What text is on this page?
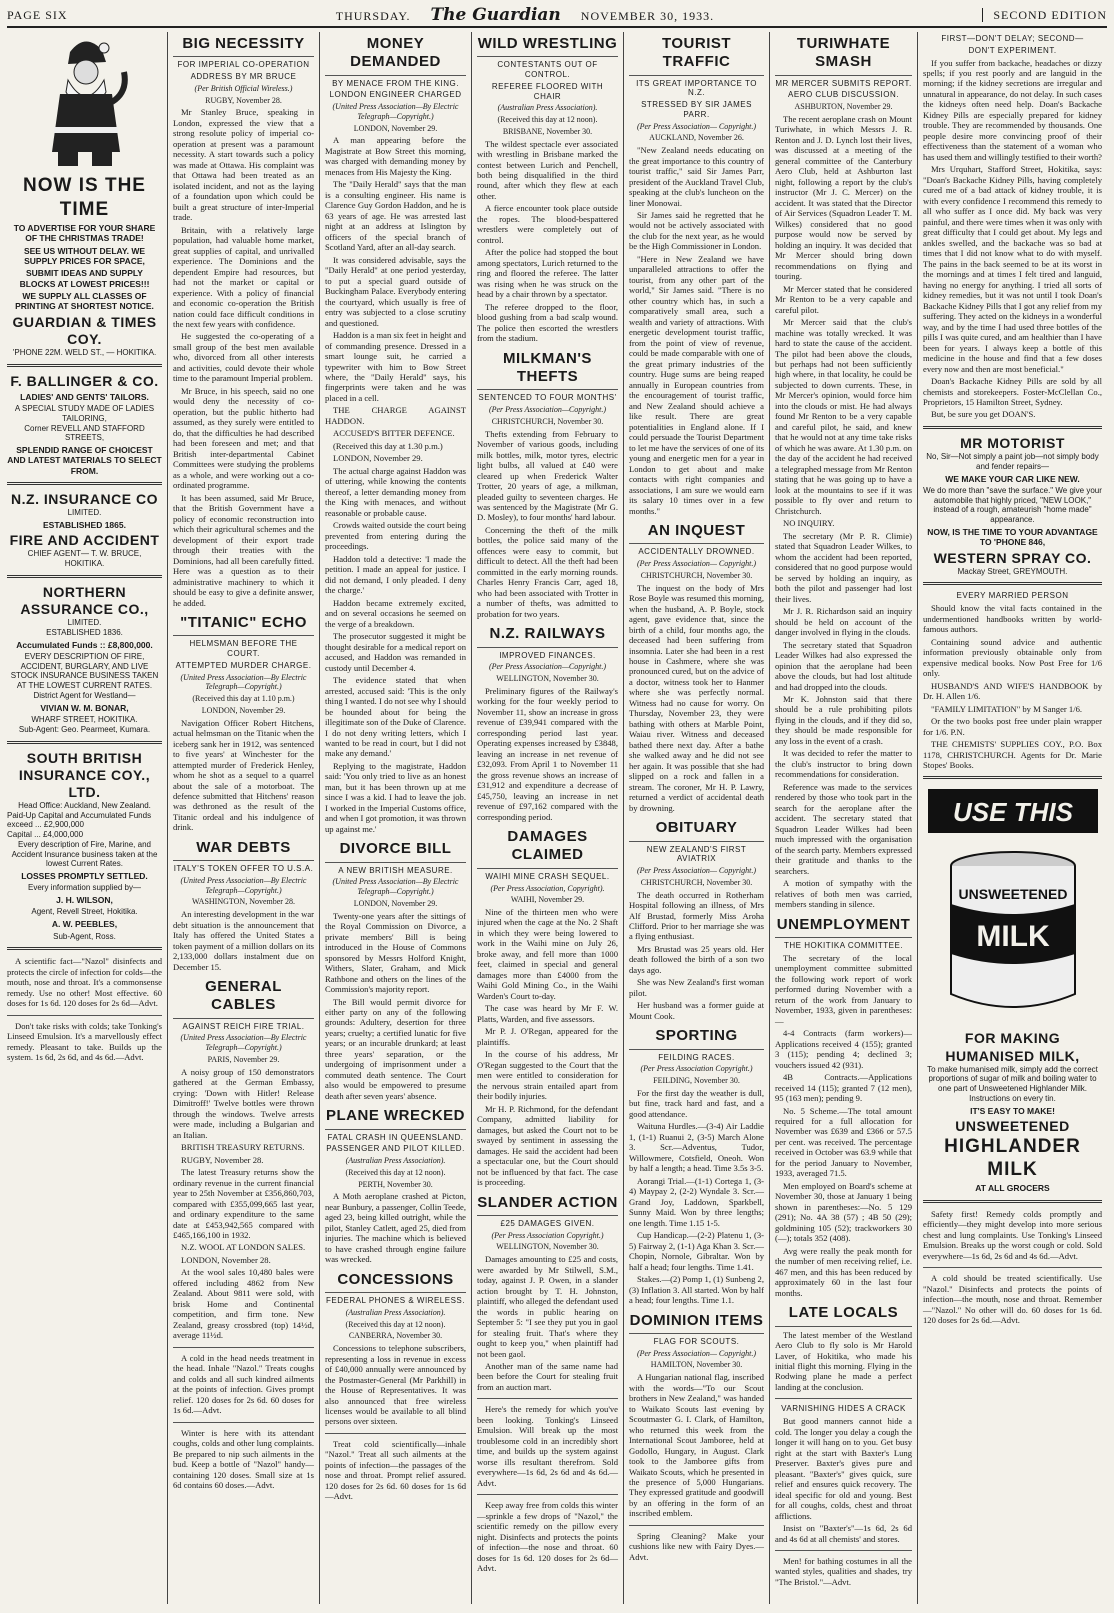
PAGE SIX	THURSDAY. The Guardian NOVEMBER 30, 1933.	SECOND EDITION
NOW IS THE
TIME
TO ADVERTISE FOR YOUR SHARE OF THE CHRISTMAS TRADE!
SEE US WITHOUT DELAY. WE SUPPLY PRICES FOR SPACE,
SUBMIT IDEAS AND SUPPLY BLOCKS AT LOWEST PRICES!!!
WE SUPPLY ALL CLASSES OF PRINTING AT SHORTEST NOTICE.
GUARDIAN & TIMES COY.
'PHONE 22M. WELD ST., — HOKITIKA.
F. BALLINGER & CO.
LADIES' AND GENTS' TAILORS.
A SPECIAL STUDY MADE OF LADIES TAILORING,
Corner REVELL AND STAFFORD STREETS,
SPLENDID RANGE OF CHOICEST AND LATEST MATERIALS TO SELECT FROM.
N.Z. INSURANCE CO
LIMITED.
ESTABLISHED 1865.
FIRE AND ACCIDENT
CHIEF AGENT— T. W. BRUCE, HOKITIKA.
NORTHERN ASSURANCE CO.,
LIMITED.
ESTABLISHED 1836.
Accumulated Funds :: £8,800,000.
EVERY DESCRIPTION OF FIRE, ACCIDENT, BURGLARY, AND LIVE STOCK INSURANCE BUSINESS TAKEN AT THE LOWEST CURRENT RATES.
District Agent for Westland—
VIVIAN W. M. BONAR,
WHARF STREET, HOKITIKA.
Sub-Agent: Geo. Pearmeet, Kumara.
SOUTH BRITISH INSURANCE COY., LTD.
Head Office: Auckland, New Zealand.
Paid-Up Capital and Accumulated Funds exceed ... £2,900,000
Capital ... £4,000,000
Every description of Fire, Marine, and Accident Insurance business taken at the lowest Current Rates.
LOSSES PROMPTLY SETTLED.
Every information supplied by—
J. H. WILSON,
Agent, Revell Street, Hokitika.
A. W. PEEBLES,
Sub-Agent, Ross.

A scientific fact—"Nazol" disinfects and protects the circle of infection for colds—the mouth, nose and throat. It's a commonsense remedy. Use no other! Most effective. 60 doses for 1s 6d. 120 doses for 2s 6d—Advt.

Don't take risks with colds; take Tonking's Linseed Emulsion. It's a marvellously effect remedy. Pleasant to take. Builds up the system. 1s 6d, 2s 6d, and 4s 6d.—Advt.

BIG NECESSITY
FOR IMPERIAL CO-OPERATION
ADDRESS BY MR BRUCE
(Per British Official Wireless.)
RUGBY, November 28.

Mr Stanley Bruce, speaking in London, expressed the view that a strong resolute policy of imperial co-operation at present was a paramount necessity. A start towards such a policy was made at Ottawa. His complaint was that Ottawa had been treated as an isolated incident, and not as the laying of a foundation upon which could be built a great structure of inter-Imperial trade.

Britain, with a relatively large population, had valuable home market, great supplies of capital, and unrivalled experience. The Dominions and the dependent Empire had resources, but had not the market or capital or experience. With a policy of financial and economic co-operation the British nation could face difficult conditions in the next few years with confidence.

He suggested the co-operating of a small group of the best men available who, divorced from all other interests and activities, could devote their whole time to the paramount Imperial problem.

Mr Bruce, in his speech, said no one would deny the necessity of co-operation, but the public hitherto had assumed, as they surely were entitled to do, that the difficulties he had described had been foreseen and met; and that British inter-departmental Cabinet Committees were studying the problems as a whole, and were working out a co-ordinated programme.

It has been assumed, said Mr Bruce, that the British Government have a policy of economic reconstruction into which their agricultural schemes and the development of their export trade through their treaties with the Dominions, had all been carefully fitted. Here was a question as to their administrative machinery to which it should be easy to give a definite answer, he added.

"TITANIC" ECHO
HELMSMAN BEFORE THE COURT.
ATTEMPTED MURDER CHARGE.
(United Press Association—By Electric Telegraph—Copyright.)
(Received this day at 1.10 p.m.)
LONDON, November 29.

Navigation Officer Robert Hitchens, actual helmsman on the Titanic when the iceberg sank her in 1912, was sentenced to five years' at Winchester for the attempted murder of Frederick Henley, whom he shot as a sequel to a quarrel about the sale of a motorboat. The defence submitted that Hitchens' reason was dethroned as the result of the Titanic ordeal and his indulgence of drink.

WAR DEBTS
ITALY'S TOKEN OFFER TO U.S.A.
(United Press Association—By Electric Telegraph—Copyright.)
WASHINGTON, November 28.

An interesting development in the war debt situation is the announcement that Italy has offered the United States a token payment of a million dollars on its 2,133,000 dollars instalment due on December 15.

GENERAL CABLES
AGAINST REICH FIRE TRIAL.
(United Press Association—By Electric Telegraph—Copyright.)
PARIS, November 29.

A noisy group of 150 demonstrators gathered at the German Embassy, crying: 'Down with Hitler! Release Dimitroff!' Twelve bottles were thrown through the windows. Twelve arrests were made, including a Bulgarian and an Italian.

BRITISH TREASURY RETURNS.

RUGBY, November 28.

The latest Treasury returns show the ordinary revenue in the current financial year to 25th November at £356,860,703, compared with £355,099,665 last year, and ordinary expenditure to the same date at £453,942,565 compared with £465,166,100 in 1932.

N.Z. WOOL AT LONDON SALES.

LONDON, November 28.

At the wool sales 10,480 bales were offered including 4862 from New Zealand. About 9811 were sold, with brisk Home and Continental competition, and firm tone. New Zealand, greasy crossbred (top) 14½d, average 11½d.

A cold in the head needs treatment in the head. Inhale "Nazol." Treats coughs and colds and all such kindred ailments at the points of infection. Gives prompt relief. 120 doses for 2s 6d. 60 doses for 1s 6d.—Advt.

Winter is here with its attendant coughs, colds and other lung complaints. Be prepared to nip such ailments in the bud. Keep a bottle of "Nazol" handy—containing 120 doses. Small size at 1s 6d contains 60 doses.—Advt.

MONEY DEMANDED
BY MENACE FROM THE KING.
LONDON ENGINEER CHARGED
(United Press Association—By Electric Telegraph—Copyright.)
LONDON, November 29.

A man appearing before the Magistrate at Bow Street this morning, was charged with demanding money by menaces from His Majesty the King.

The "Daily Herald" says that the man is a consulting engineer. His name is Clarence Guy Gordon Haddon, and he is 63 years of age. He was arrested last night at an address at Islington by officers of the special branch of Scotland Yard, after an all-day search.

It was considered advisable, says the "Daily Herald" at one period yesterday, to put a special guard outside of Buckingham Palace. Everybody entering the courtyard, which usually is free of entry was subjected to a close scrutiny and questioned.

Haddon is a man six feet in height and of commanding presence. Dressed in a smart lounge suit, he carried a typewriter with him to Bow Street where, the "Daily Herald" says, his fingerprints were taken and he was placed in a cell.

THE CHARGE AGAINST HADDON.

ACCUSED'S BITTER DEFENCE.

(Received this day at 1.30 p.m.)

LONDON, November 29.

The actual charge against Haddon was of uttering, while knowing the contents thereof, a letter demanding money from the King with menaces, and without reasonable or probable cause.

Crowds waited outside the court being prevented from entering during the proceedings.

Haddon told a detective: 'I made the petition. I made an appeal for justice. I did not demand, I only pleaded. I deny the charge.'

Haddon became extremely excited, and on several occasions he seemed on the verge of a breakdown.

The prosecutor suggested it might be thought desirable for a medical report on accused, and Haddon was remanded in custody until December 4.

The evidence stated that when arrested, accused said: 'This is the only thing I wanted. I do not see why I should be hounded about for being the illegitimate son of the Duke of Clarence. I do not deny writing letters, which I wanted to be read in court, but I did not make any demand.'

Replying to the magistrate, Haddon said: 'You only tried to live as an honest man, but it has been thrown up at me since I was a kid. I had to leave the job. I worked in the Imperial Customs office, and when I got promotion, it was thrown up against me.'

DIVORCE BILL
A NEW BRITISH MEASURE.
(United Press Association—By Electric Telegraph—Copyright.)
LONDON, November 29.

Twenty-one years after the sittings of the Royal Commission on Divorce, a private members' Bill is being introduced in the House of Commons sponsored by Messrs Holford Knight, Withers, Slater, Graham, and Mick Rathbone and others on the lines of the Commission's majority report.

The Bill would permit divorce for either party on any of the following grounds: Adultery, desertion for three years; cruelty; a certified lunatic for five years; or an incurable drunkard; at least three years' separation, or the undergoing of imprisonment under a commuted death sentence. The Court also would be empowered to presume death after seven years' absence.

PLANE WRECKED
FATAL CRASH IN QUEENSLAND.
PASSENGER AND PILOT KILLED.
(Australian Press Association).
(Received this day at 12 noon).
PERTH, November 30.

A Moth aeroplane crashed at Picton, near Bunbury, a passenger, Collin Teede, aged 23, being killed outright, while the pilot, Stanley Catlett, aged 25, died from injuries. The machine which is believed to have crashed through engine failure was wrecked.

CONCESSIONS
FEDERAL PHONES & WIRELESS.
(Australian Press Association).
(Received this day at 12 noon).
CANBERRA, November 30.

Concessions to telephone subscribers, representing a loss in revenue in excess of £40,000 annually were announced by the Postmaster-General (Mr Parkhill) in the House of Representatives. It was also announced that free wireless licenses would be available to all blind persons over sixteen.

Treat cold scientifically—inhale "Nazol." Treat all such ailments at the points of infection—the passages of the nose and throat. Prompt relief assured. 120 doses for 2s 6d. 60 doses for 1s 6d—Advt.

WILD WRESTLING
CONTESTANTS OUT OF CONTROL.
REFEREE FLOORED WITH CHAIR
(Australian Press Association).
(Received this day at 12 noon).
BRISBANE, November 30.

The wildest spectacle ever associated with wrestling in Brisbane marked the contest between Lurich and Penchell, both being disqualified in the third round, after which they flew at each other.

A fierce encounter took place outside the ropes. The blood-bespattered wrestlers were completely out of control.

After the police had stopped the bout among spectators, Lurich returned to the ring and floored the referee. The latter was rising when he was struck on the head by a chair thrown by a spectator.

The referee dropped to the floor, blood gushing from a bad scalp wound. The police then escorted the wrestlers from the stadium.

MILKMAN'S THEFTS
SENTENCED TO FOUR MONTHS'
(Per Press Association—Copyright.)
CHRISTCHURCH, November 30.

Thefts extending from February to November of various goods, including milk bottles, milk, motor tyres, electric light bulbs, all valued at £40 were cleared up when Frederick Walter Trotter, 20 years of age, a milkman, pleaded guilty to seventeen charges. He was sentenced by the Magistrate (Mr G. D. Mosley), to four months' hard labour.

Concerning the theft of the milk bottles, the police said many of the offences were easy to commit, but difficult to detect. All the theft had been committed in the early morning rounds. Charles Henry Francis Carr, aged 18, who had been associated with Trotter in a number of thefts, was admitted to probation for two years.

N.Z. RAILWAYS
IMPROVED FINANCES.
(Per Press Association—Copyright.)
WELLINGTON, November 30.

Preliminary figures of the Railway's working for the four weekly period to November 11, show an increase in gross revenue of £39,941 compared with the corresponding period last year. Operating expenses increased by £3848, leaving an increase in net revenue of £32,093. From April 1 to November 11 the gross revenue shows an increase of £31,912 and expenditure a decrease of £45,750, leaving an increase in net revenue of £97,162 compared with the corresponding period.

DAMAGES CLAIMED
WAIHI MINE CRASH SEQUEL.
(Per Press Association, Copyright).
WAIHI, November 29.

Nine of the thirteen men who were injured when the cage at the No. 2 Shaft in which they were being lowered to work in the Waihi mine on July 26, broke away, and fell more than 1000 feet, claimed in special and general damages more than £4000 from the Waihi Gold Mining Co., in the Waihi Warden's Court to-day.

The case was heard by Mr F. W. Platts, Warden, and five assessors.

Mr P. J. O'Regan, appeared for the plaintiffs.

In the course of his address, Mr O'Regan suggested to the Court that the men were entitled to consideration for the nervous strain entailed apart from their bodily injuries.

Mr H. P. Richmond, for the defendant Company, admitted liability for damages, but asked the Court not to be swayed by sentiment in assessing the damages. He said the accident had been a spectacular one, but the Court should not be influenced by that fact. The case is proceeding.

SLANDER ACTION
£25 DAMAGES GIVEN.
(Per Press Association Copyright.)
WELLINGTON, November 30.

Damages amounting to £25 and costs, were awarded by Mr Stilwell, S.M., today, against J. P. Owen, in a slander action brought by T. H. Johnston, plaintiff, who alleged the defendant used the words in public hearing on September 5: "I see they put you in gaol for stealing fruit. That's where they ought to keep you," when plaintiff had not been gaol.

Another man of the same name had been before the Court for stealing fruit from an auction mart.

Here's the remedy for which you've been looking. Tonking's Linseed Emulsion. Will break up the most troublesome cold in an incredibly short time, and builds up the system against worse ills resultant therefrom. Sold everywhere—1s 6d, 2s 6d and 4s 6d.—Advt.

Keep away free from colds this winter—sprinkle a few drops of "Nazol," the scientific remedy on the pillow every night. Disinfects and protects the points of infection—the nose and throat. 60 doses for 1s 6d. 120 doses for 2s 6d—Advt.

TOURIST TRAFFIC
ITS GREAT IMPORTANCE TO N.Z.
STRESSED BY SIR JAMES PARR.
(Per Press Association— Copyright.)
AUCKLAND, November 26.

"New Zealand needs educating on the great importance to this country of tourist traffic," said Sir James Parr, president of the Auckland Travel Club, speaking at the club's luncheon on the liner Monowai.

Sir James said he regretted that he would not be actively associated with the club for the next year, as he would be the High Commissioner in London.

"Here in New Zealand we have unparalleled attractions to offer the tourist, from any other part of the world," Sir James said. "There is no other country which has, in such a comparatively small area, such a wealth and variety of attractions. With energetic development tourist traffic, from the point of view of revenue, could be made comparable with one of the great primary industries of the country. Huge sums are being reaped annually in European countries from the encouragement of tourist traffic, and New Zealand should achieve a like result. There are great potentialities in England alone. If I could persuade the Tourist Department to let me have the services of one of its young and energetic men for a year in London to get about and make contacts with right companies and associations, I am sure we would earn its salary 10 times over in a few months."

AN INQUEST
ACCIDENTALLY DROWNED.
(Per Press Association— Copyright.)
CHRISTCHURCH, November 30.

The inquest on the body of Mrs Rose Boyle was resumed this morning, when the husband, A. P. Boyle, stock agent, gave evidence that, since the birth of a child, four months ago, the deceased had been suffering from insomnia. Later she had been in a rest house in Cashmere, where she was pronounced cured, but on the advice of a doctor, witness took her to Hanmer where she was perfectly normal. Witness had no cause for worry. On Thursday, November 23, they were bathing with others at Marble Point, Waiau river. Witness and deceased bathed there next day. After a bathe she walked away and he did not see her again. It was possible that she had slipped on a rock and fallen in a stream. The coroner, Mr H. P. Lawry, returned a verdict of accidental death by drowning.

OBITUARY
NEW ZEALAND'S FIRST AVIATRIX
(Per Press Association— Copyright.)
CHRISTCHURCH, November 30.

The death occurred in Rotherham Hospital following an illness, of Mrs Alf Brustad, formerly Miss Aroha Clifford. Prior to her marriage she was a flying enthusiast.

Mrs Brustad was 25 years old. Her death followed the birth of a son two days ago.

She was New Zealand's first woman pilot.

Her husband was a former guide at Mount Cook.

SPORTING
FEILDING RACES.
(Per Press Association Copyright.)
FEILDING, November 30.

For the first day the weather is dull, but fine, track hard and fast, and a good attendance.

Waituna Hurdles.—(3-4) Air Laddie 1, (1-1) Ruanui 2, (3-5) March Alone 3. Scr.—Adventus, Tudor, Willowmere, Cotsfield, Oneoh. Won by half a length; a head. Time 3.5s 3-5.

Aorangi Trial.—(1-1) Cortega 1, (3-4) Maypay 2, (2-2) Wyndale 3. Scr.—Grand Joy, Laddown, Sparkbell, Sunny Maid. Won by three lengths; one length. Time 1.15 1-5.

Cup Handicap.—(2-2) Platenu 1, (3-5) Fairway 2, (1-1) Aga Khan 3. Scr.—Chopin, Nornole, Gibraltar. Won by half a head; four lengths. Time 1.41.

Stakes.—(2) Pomp 1, (1) Sunbeng 2, (3) Inflation 3. All started. Won by half a head; four lengths. Time 1.1.

DOMINION ITEMS
FLAG FOR SCOUTS.
(Per Press Association— Copyright.)
HAMILTON, November 30.

A Hungarian national flag, inscribed with the words—"To our Scout brothers in New Zealand," was handed to Waikato Scouts last evening by Scoutmaster G. I. Clark, of Hamilton, who returned this week from the International Scout Jamboree, held at Godollo, Hungary, in August. Clark took to the Jamboree gifts from Waikato Scouts, which he presented in the presence of 5,000 Hungarians. They expressed gratitude and goodwill by an offering in the form of an inscribed emblem.

Spring Cleaning? Make your cushions like new with Fairy Dyes.—Advt.

TURIWHATE SMASH
MR MERCER SUBMITS REPORT.
AERO CLUB DISCUSSION.
ASHBURTON, November 29.

The recent aeroplane crash on Mount Turiwhate, in which Messrs J. R. Renton and J. D. Lynch lost their lives, was discussed at a meeting of the general committee of the Canterbury Aero Club, held at Ashburton last night, following a report by the club's instructor (Mr J. C. Mercer) on the accident. It was stated that the Director of Air Services (Squadron Leader T. M. Wilkes) considered that no good purpose would now be served by holding an inquiry. It was decided that Mr Mercer should bring down recommendations on flying and touring.

Mr Mercer stated that he considered Mr Renton to be a very capable and careful pilot.

Mr Mercer said that the club's machine was totally wrecked. It was hard to state the cause of the accident. The pilot had been above the clouds, but perhaps had not been sufficiently high where, in that locality, he could be subjected to down currents. These, in Mr Mercer's opinion, would force him into the clouds or mist. He had always found Mr Renton to be a very capable and careful pilot, he said, and knew that he would not at any time take risks of which he was aware. At 1.30 p.m. on the day of the accident he had received a telegraphed message from Mr Renton stating that he was going up to have a look at the mountains to see if it was possible to fly over and return to Christchurch.

NO INQUIRY.

The secretary (Mr P. R. Climie) stated that Squadron Leader Wilkes, to whom the accident had been reported, considered that no good purpose would be served by holding an inquiry, as both the pilot and passenger had lost their lives.

Mr J. R. Richardson said an inquiry should be held on account of the danger involved in flying in the clouds.

The secretary stated that Squadron Leader Wilkes had also expressed the opinion that the aeroplane had been above the clouds, but had lost altitude and had dropped into the clouds.

Mr K. Johnston said that there should be a rule prohibiting pilots flying in the clouds, and if they did so, they should be made responsible for any loss in the event of a crash.

It was decided to refer the matter to the club's instructor to bring down recommendations for consideration.

Reference was made to the services rendered by those who took part in the search for the aeroplane after the accident. The secretary stated that Squadron Leader Wilkes had been much impressed with the organisation of the search party. Members expressed their gratitude and thanks to the searchers.

A motion of sympathy with the relatives of both men was carried, members standing in silence.

UNEMPLOYMENT
THE HOKITIKA COMMITTEE.

The secretary of the local unemployment committee submitted the following work report of work performed during November with a return of the work from January to November, 1933, given in parentheses:—

4-4 Contracts (farm workers)—Applications received 4 (155); granted 3 (115); pending 4; declined 3; vouchers issued 42 (931).

4B Contracts.—Applications received 14 (115); granted 7 (12 men), 95 (163 men); pending 9.

No. 5 Scheme.—The total amount required for a full allocation for November was £639 and £366 or 57.5 per cent. was received. The percentage received in October was 63.9 while that for the period January to November, 1933, averaged 71.5.

Men employed on Board's scheme at November 30, those at January 1 being shown in parentheses:—No. 5 129 (291); No. 4A 38 (57) ; 4B 50 (29); goldmining 105 (52); trackworkers 30 (—); totals 352 (408).

Avg were really the peak month for the number of men receiving relief, i.e. 467 men, and this has been reduced by approximately 60 in the last four months.

LATE LOCALS

The latest member of the Westland Aero Club to fly solo is Mr Harold Laver, of Hokitika, who made his initial flight this morning. Flying in the Rodwing plane he made a perfect landing at the conclusion.

VARNISHING HIDES A CRACK

But good manners cannot hide a cold. The longer you delay a cough the longer it will hang on to you. Get busy right at the start with Baxter's Lung Preserver. Baxter's gives pure and pleasant. "Baxter's" gives quick, sure relief and ensures quick recovery. The ideal specific for old and young. Best for all coughs, colds, chest and throat afflictions.

Insist on "Baxter's"—1s 6d, 2s 6d and 4s 6d at all chemists' and stores.

Men! for bathing costumes in all the wanted styles, qualities and shades, try "The Bristol."—Advt.

FIRST—DON'T DELAY; SECOND—
DON'T EXPERIMENT.

If you suffer from backache, headaches or dizzy spells; if you rest poorly and are languid in the morning; if the kidney secretions are irregular and unnatural in appearance, do not delay. In such cases the kidneys often need help. Doan's Backache Kidney Pills are especially prepared for kidney trouble. They are recommended by thousands. One people desire more convincing proof of their effectiveness than the statement of a woman who has used them and willingly testified to their worth?

Mrs Urquhart, Stafford Street, Hokitika, says: "Doan's Backache Kidney Pills, having completely cured me of a bad attack of kidney trouble, it is with every confidence I recommend this remedy to all who suffer as I once did. My back was very painful, and there were times when it was only with great difficulty that I could get about. My legs and ankles swelled, and the backache was so bad at times that I did not know what to do with myself. The pains in the back seemed to be at its worst in the mornings and at times I felt tired and languid, having no energy for anything. I tried all sorts of kidney remedies, but it was not until I took Doan's Backache Kidney Pills that I got any relief from my suffering. They acted on the kidneys in a wonderful way, and by the time I had used three bottles of the pills I was quite cured, and am healthier than I have been for years. I always keep a bottle of this medicine in the house and find that a few doses every now and then are most beneficial."

Doan's Backache Kidney Pills are sold by all chemists and storekeepers. Foster-McClellan Co., Proprietors, 15 Hamilton Street, Sydney.

But, be sure you get DOAN'S.

MR MOTORIST
No, Sir—Not simply a paint job—not simply body and fender repairs—
WE MAKE YOUR CAR LIKE NEW.
We do more than "save the surface." We give your automobile that highly priced, "NEW LOOK," instead of a rough, amateurish "home made" appearance.
NOW, IS THE TIME TO YOUR ADVANTAGE TO 'PHONE 846,
WESTERN SPRAY CO.
Mackay Street, GREYMOUTH.
EVERY MARRIED PERSON

Should know the vital facts contained in the undermentioned handbooks written by world-famous authors.

Containing sound advice and authentic information previously obtainable only from expensive medical books. Now Post Free for 1/6 only.

HUSBAND'S AND WIFE'S HANDBOOK by Dr. H. Allen 1/6.

"FAMILY LIMITATION" by M Sanger 1/6.

Or the two books post free under plain wrapper for 1/6. P.N.

THE CHEMISTS' SUPPLIES COY., P.O. Box 1178, CHRISTCHURCH. Agents for Dr. Marie Stopes' Books.

USE THIS

UNSWEETENED
MILK
FOR MAKING HUMANISED MILK,
To make humanised milk, simply add the correct proportions of sugar of milk and boiling water to one part of Unsweetened Highlander Milk. Instructions on every tin.
IT'S EASY TO MAKE!
UNSWEETENED
HIGHLANDER
MILK
AT ALL GROCERS

Safety first! Remedy colds promptly and efficiently—they might develop into more serious chest and lung complaints. Use Tonking's Linseed Emulsion. Breaks up the worst cough or cold. Sold everywhere—1s 6d, 2s 6d and 4s 6d.—Advt.

A cold should be treated scientifically. Use "Nazol." Disinfects and protects the points of infection—the mouth, nose and throat. Remember—"Nazol." No other will do. 60 doses for 1s 6d. 120 doses for 2s 6d.—Advt.
